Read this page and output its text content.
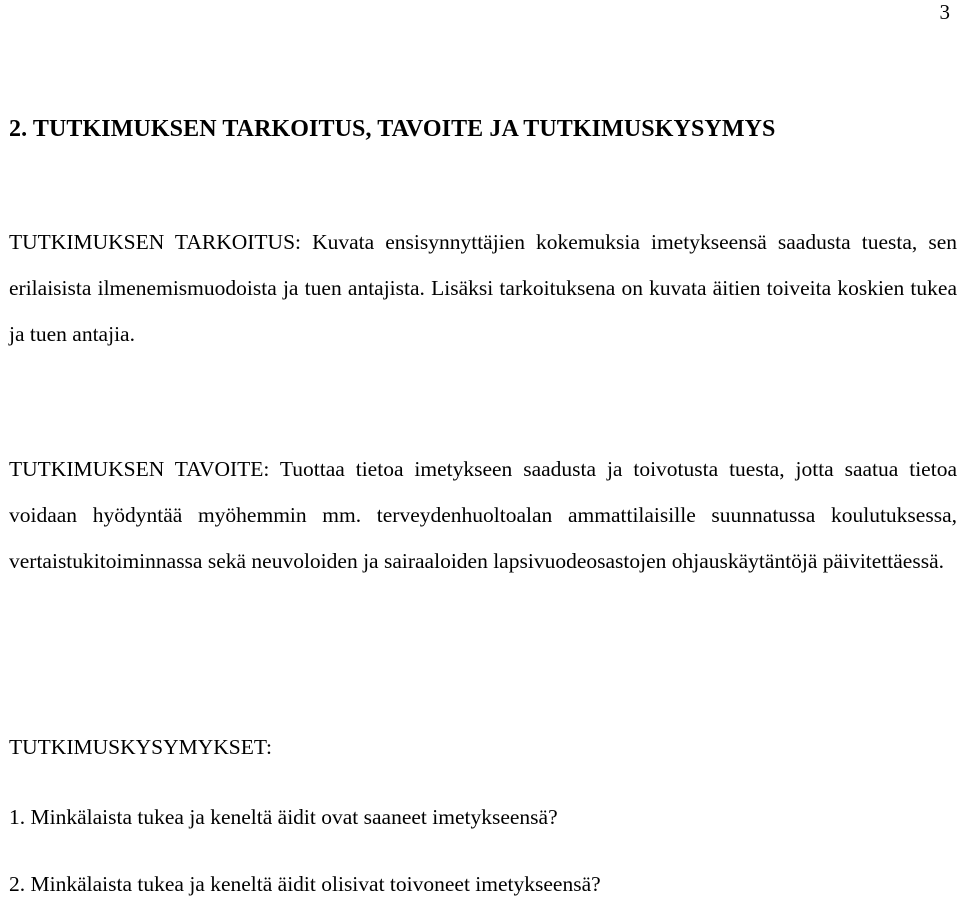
3
2. TUTKIMUKSEN TARKOITUS, TAVOITE JA TUTKIMUSKYSYMYS

TUTKIMUKSEN TARKOITUS: Kuvata ensisynnyttäjien kokemuksia imetykseensä saadusta tuesta, sen erilaisista ilmenemismuodoista ja tuen antajista. Lisäksi tarkoituksena on kuvata äitien toiveita koskien tukea ja tuen antajia.

TUTKIMUKSEN TAVOITE: Tuottaa tietoa imetykseen saadusta ja toivotusta tuesta, jotta saatua tietoa voidaan hyödyntää myöhemmin mm. terveydenhuoltoalan ammattilaisille suunnatussa koulutuksessa, vertaistukitoiminnassa sekä neuvoloiden ja sairaaloiden lapsivuodeosastojen ohjauskäytäntöjä päivitettäessä.

TUTKIMUSKYSYMYKSET:

1. Minkälaista tukea ja keneltä äidit ovat saaneet imetykseensä?

2. Minkälaista tukea ja keneltä äidit olisivat toivoneet imetykseensä?
